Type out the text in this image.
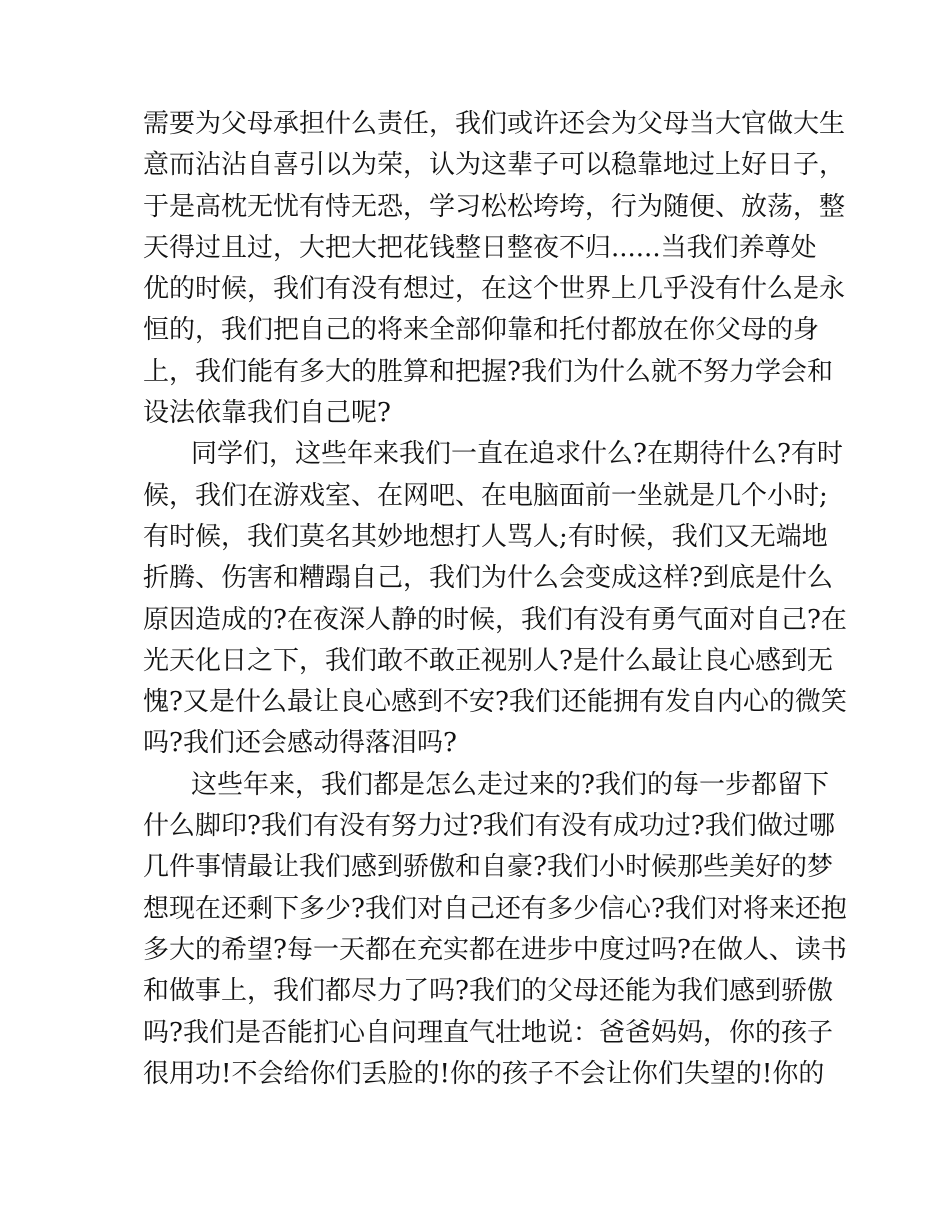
需要为父母承担什么责任，我们或许还会为父母当大官做大生
意而沾沾自喜引以为荣，认为这辈子可以稳靠地过上好日子，
于是高枕无忧有恃无恐，学习松松垮垮，行为随便、放荡，整
天得过且过，大把大把花钱整日整夜不归......当我们养尊处
优的时候，我们有没有想过，在这个世界上几乎没有什么是永
恒的，我们把自己的将来全部仰靠和托付都放在你父母的身
上，我们能有多大的胜算和把握?我们为什么就不努力学会和
设法依靠我们自己呢?
同学们，这些年来我们一直在追求什么?在期待什么?有时
候，我们在游戏室、在网吧、在电脑面前一坐就是几个小时;
有时候，我们莫名其妙地想打人骂人;有时候，我们又无端地
折腾、伤害和糟蹋自己，我们为什么会变成这样?到底是什么
原因造成的?在夜深人静的时候，我们有没有勇气面对自己?在
光天化日之下，我们敢不敢正视别人?是什么最让良心感到无
愧?又是什么最让良心感到不安?我们还能拥有发自内心的微笑
吗?我们还会感动得落泪吗?
这些年来，我们都是怎么走过来的?我们的每一步都留下
什么脚印?我们有没有努力过?我们有没有成功过?我们做过哪
几件事情最让我们感到骄傲和自豪?我们小时候那些美好的梦
想现在还剩下多少?我们对自己还有多少信心?我们对将来还抱
多大的希望?每一天都在充实都在进步中度过吗?在做人、读书
和做事上，我们都尽力了吗?我们的父母还能为我们感到骄傲
吗?我们是否能扪心自问理直气壮地说：爸爸妈妈，你的孩子
很用功!不会给你们丢脸的!你的孩子不会让你们失望的!你的
